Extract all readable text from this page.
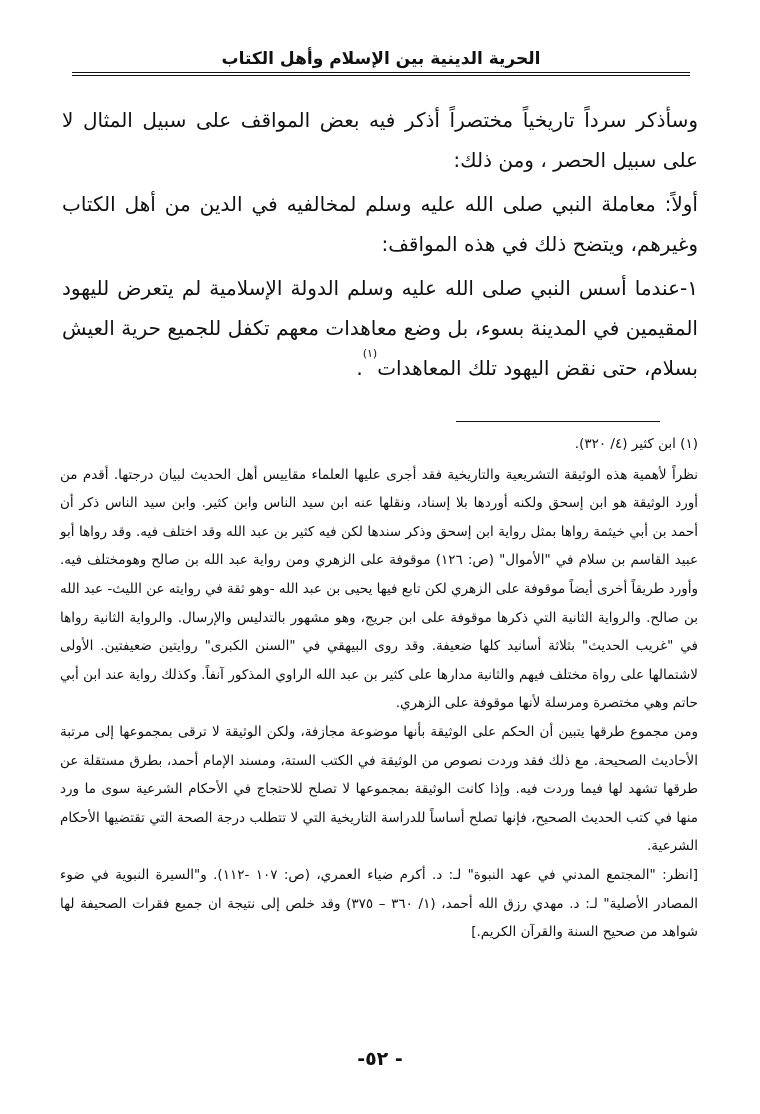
الحرية الدينية بين الإسلام وأهل الكتاب

وسأذكر سرداً تاريخياً مختصراً أذكر فيه بعض المواقف على سبيل المثال لا على سبيل الحصر ، ومن ذلك:

أولاً: معاملة النبي صلى الله عليه وسلم لمخالفيه في الدين من أهل الكتاب وغيرهم، ويتضح ذلك في هذه المواقف:

١-عندما أسس النبي صلى الله عليه وسلم الدولة الإسلامية لم يتعرض لليهود المقيمين في المدينة بسوء، بل وضع معاهدات معهم تكفل للجميع حرية العيش بسلام، حتى نقض اليهود تلك المعاهدات$^{(١)}$.

(١) ابن كثير (٤/ ٣٢٠).

نظراً لأهمية هذه الوثيقة التشريعية والتاريخية فقد أجرى عليها العلماء مقاييس أهل الحديث لبيان درجتها. أقدم من أورد الوثيقة هو ابن إسحق ولكنه أوردها بلا إسناد، ونقلها عنه ابن سيد الناس وابن كثير. وابن سيد الناس ذكر أن أحمد بن أبي خيثمة رواها بمثل رواية ابن إسحق وذكر سندها لكن فيه كثير بن عبد الله وقد اختلف فيه. وقد رواها أبو عبيد القاسم بن سلام في "الأموال" (ص: ١٢٦) موقوفة على الزهري ومن رواية عبد الله بن صالح وهومختلف فيه. وأورد طريقاً أخرى أيضاً موقوفة على الزهري لكن تابع فيها يحيى بن عبد الله -وهو ثقة في روايته عن الليث- عبد الله بن صالح. والرواية الثانية التي ذكرها موقوفة على ابن جريج، وهو مشهور بالتدليس والإرسال. والرواية الثانية رواها في "غريب الحديث" بثلاثة أسانيد كلها ضعيفة. وقد روى البيهقي في "السنن الكبرى" روايتين ضعيفتين. الأولى لاشتمالها على رواة مختلف فيهم والثانية مدارها على كثير بن عبد الله الراوي المذكور آنفاً. وكذلك رواية عند ابن أبي حاتم وهي مختصرة ومرسلة لأنها موقوفة على الزهري.

ومن مجموع طرقها يتبين أن الحكم على الوثيقة بأنها موضوعة مجازفة، ولكن الوثيقة لا ترقى بمجموعها إلى مرتبة الأحاديث الصحيحة. مع ذلك فقد وردت نصوص من الوثيقة في الكتب الستة، ومسند الإمام أحمد، بطرق مستقلة عن طرقها تشهد لها فيما وردت فيه. وإذا كانت الوثيقة بمجموعها لا تصلح للاحتجاج في الأحكام الشرعية سوى ما ورد منها في كتب الحديث الصحيح، فإنها تصلح أساساً للدراسة التاريخية التي لا تتطلب درجة الصحة التي تقتضيها الأحكام الشرعية.

[انظر: "المجتمع المدني في عهد النبوة" لـ: د. أكرم ضياء العمري، (ص: ١٠٧ -١١٢). و"السيرة النبوية في ضوء المصادر الأصلية" لـ: د. مهدي رزق الله أحمد، (١/ ٣٦٠ – ٣٧٥) وقد خلص إلى نتيجة ان جميع فقرات الصحيفة لها شواهد من صحيح السنة والقرآن الكريم.]

- ٥٢-
